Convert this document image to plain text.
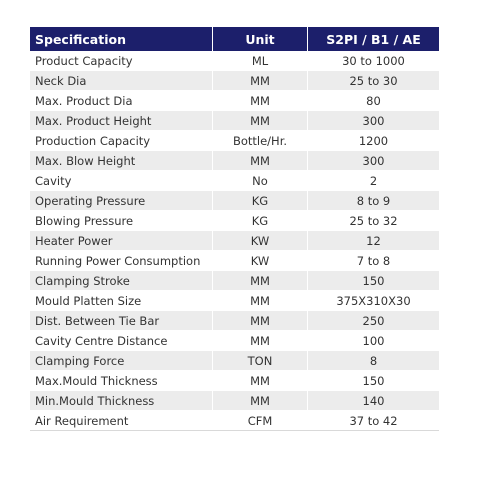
Specification	Unit	S2PI / B1 / AE
Product Capacity	ML	30 to 1000
Neck Dia	MM	25 to 30
Max. Product Dia	MM	80
Max. Product Height	MM	300
Production Capacity	Bottle/Hr.	1200
Max. Blow Height	MM	300
Cavity	No	2
Operating Pressure	KG	8 to 9
Blowing Pressure	KG	25 to 32
Heater Power	KW	12
Running Power Consumption	KW	7 to 8
Clamping Stroke	MM	150
Mould Platten Size	MM	375X310X30
Dist. Between Tie Bar	MM	250
Cavity Centre Distance	MM	100
Clamping Force	TON	8
Max.Mould Thickness	MM	150
Min.Mould Thickness	MM	140
Air Requirement	CFM	37 to 42
